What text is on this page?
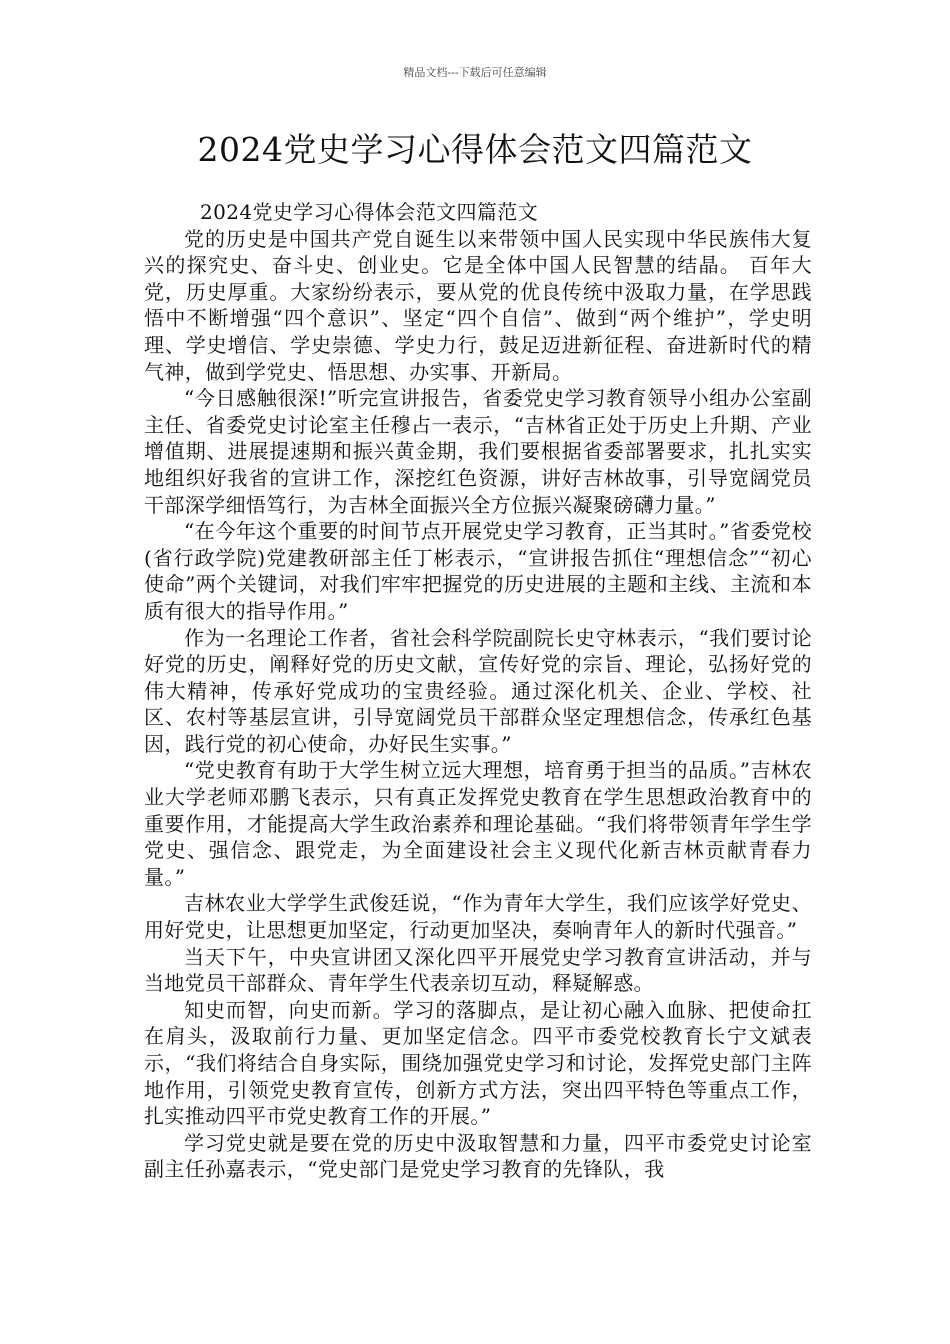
精品文档---下载后可任意编辑
2024党史学习心得体会范文四篇范文

2024党史学习心得体会范文四篇范文

党的历史是中国共产党自诞生以来带领中国人民实现中华民族伟大复兴的探究史、奋斗史、创业史。它是全体中国人民智慧的结晶。 百年大党，历史厚重。大家纷纷表示，要从党的优良传统中汲取力量，在学思践悟中不断增强“四个意识”、坚定“四个自信”、做到“两个维护”，学史明理、学史增信、学史崇德、学史力行，鼓足迈进新征程、奋进新时代的精气神，做到学党史、悟思想、办实事、开新局。

“今日感触很深!”听完宣讲报告，省委党史学习教育领导小组办公室副主任、省委党史讨论室主任穆占一表示，“吉林省正处于历史上升期、产业增值期、进展提速期和振兴黄金期，我们要根据省委部署要求，扎扎实实地组织好我省的宣讲工作，深挖红色资源，讲好吉林故事，引导宽阔党员干部深学细悟笃行，为吉林全面振兴全方位振兴凝聚磅礴力量。”

“在今年这个重要的时间节点开展党史学习教育，正当其时。”省委党校(省行政学院)党建教研部主任丁彬表示，“宣讲报告抓住“理想信念”“初心使命”两个关键词，对我们牢牢把握党的历史进展的主题和主线、主流和本质有很大的指导作用。”

作为一名理论工作者，省社会科学院副院长史守林表示，“我们要讨论好党的历史，阐释好党的历史文献，宣传好党的宗旨、理论，弘扬好党的伟大精神，传承好党成功的宝贵经验。通过深化机关、企业、学校、社区、农村等基层宣讲，引导宽阔党员干部群众坚定理想信念，传承红色基因，践行党的初心使命，办好民生实事。”

“党史教育有助于大学生树立远大理想，培育勇于担当的品质。”吉林农业大学老师邓鹏飞表示，只有真正发挥党史教育在学生思想政治教育中的重要作用，才能提高大学生政治素养和理论基础。“我们将带领青年学生学党史、强信念、跟党走，为全面建设社会主义现代化新吉林贡献青春力量。”

吉林农业大学学生武俊廷说，“作为青年大学生，我们应该学好党史、用好党史，让思想更加坚定，行动更加坚决，奏响青年人的新时代强音。”

当天下午，中央宣讲团又深化四平开展党史学习教育宣讲活动，并与当地党员干部群众、青年学生代表亲切互动，释疑解惑。

知史而智，向史而新。学习的落脚点，是让初心融入血脉、把使命扛在肩头，汲取前行力量、更加坚定信念。四平市委党校教育长宁文斌表示，“我们将结合自身实际，围绕加强党史学习和讨论，发挥党史部门主阵地作用，引领党史教育宣传，创新方式方法，突出四平特色等重点工作，扎实推动四平市党史教育工作的开展。”

学习党史就是要在党的历史中汲取智慧和力量，四平市委党史讨论室副主任孙嘉表示，“党史部门是党史学习教育的先锋队，我
